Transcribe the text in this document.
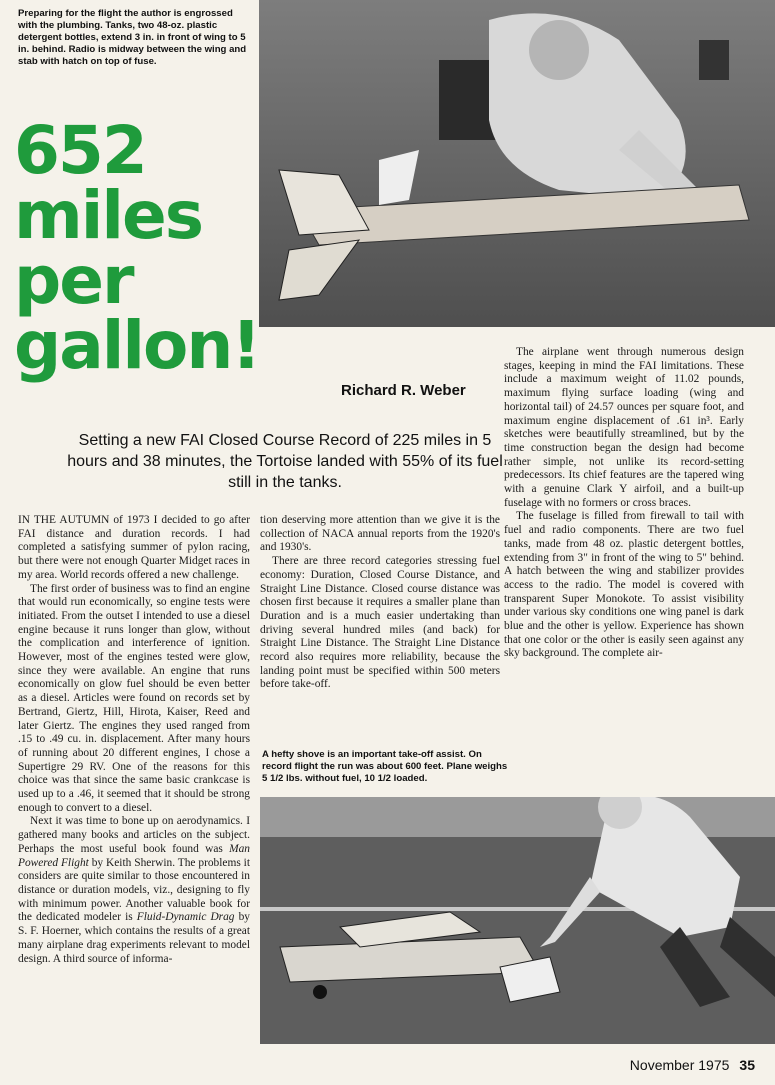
Preparing for the flight the author is engrossed with the plumbing. Tanks, two 48-oz. plastic detergent bottles, extend 3 in. in front of wing to 5 in. behind. Radio is midway between the wing and stab with hatch on top of fuse.
652
miles
per
gallon!
Richard R. Weber
Setting a new FAI Closed Course Record of 225 miles in 5 hours and 38 minutes, the Tortoise landed with 55% of its fuel still in the tanks.

IN THE AUTUMN of 1973 I decided to go after FAI distance and duration records. I had completed a satisfying summer of pylon racing, but there were not enough Quarter Midget races in my area. World records offered a new challenge.

The first order of business was to find an engine that would run economically, so engine tests were initiated. From the outset I intended to use a diesel engine because it runs longer than glow, without the complication and interference of ignition. However, most of the engines tested were glow, since they were available. An engine that runs economically on glow fuel should be even better as a diesel. Articles were found on records set by Bertrand, Giertz, Hill, Hirota, Kaiser, Reed and later Giertz. The engines they used ranged from .15 to .49 cu. in. displacement. After many hours of running about 20 different engines, I chose a Supertigre 29 RV. One of the reasons for this choice was that since the same basic crankcase is used up to a .46, it seemed that it should be strong enough to convert to a diesel.

Next it was time to bone up on aerodynamics. I gathered many books and articles on the subject. Perhaps the most useful book found was Man Powered Flight by Keith Sherwin. The problems it considers are quite similar to those encountered in distance or duration models, viz., designing to fly with minimum power. Another valuable book for the dedicated modeler is Fluid-Dynamic Drag by S. F. Hoerner, which contains the results of a great many airplane drag experiments relevant to model design. A third source of informa-

tion deserving more attention than we give it is the collection of NACA annual reports from the 1920's and 1930's.

There are three record categories stressing fuel economy: Duration, Closed Course Distance, and Straight Line Distance. Closed course distance was chosen first because it requires a smaller plane than Duration and is a much easier undertaking than driving several hundred miles (and back) for Straight Line Distance. The Straight Line Distance record also requires more reliability, because the landing point must be specified within 500 meters before take-off.

The airplane went through numerous design stages, keeping in mind the FAI limitations. These include a maximum weight of 11.02 pounds, maximum flying surface loading (wing and horizontal tail) of 24.57 ounces per square foot, and maximum engine displacement of .61 in³. Early sketches were beautifully streamlined, but by the time construction began the design had become rather simple, not unlike its record-setting predecessors. Its chief features are the tapered wing with a genuine Clark Y airfoil, and a built-up fuselage with no formers or cross braces.

The fuselage is filled from firewall to tail with fuel and radio components. There are two fuel tanks, made from 48 oz. plastic detergent bottles, extending from 3" in front of the wing to 5" behind. A hatch between the wing and stabilizer provides access to the radio. The model is covered with transparent Super Monokote. To assist visibility under various sky conditions one wing panel is dark blue and the other is yellow. Experience has shown that one color or the other is easily seen against any sky background. The complete air-

A hefty shove is an important take-off assist. On record flight the run was about 600 feet. Plane weighs 5 1/2 lbs. without fuel, 10 1/2 loaded.
November 1975 35
